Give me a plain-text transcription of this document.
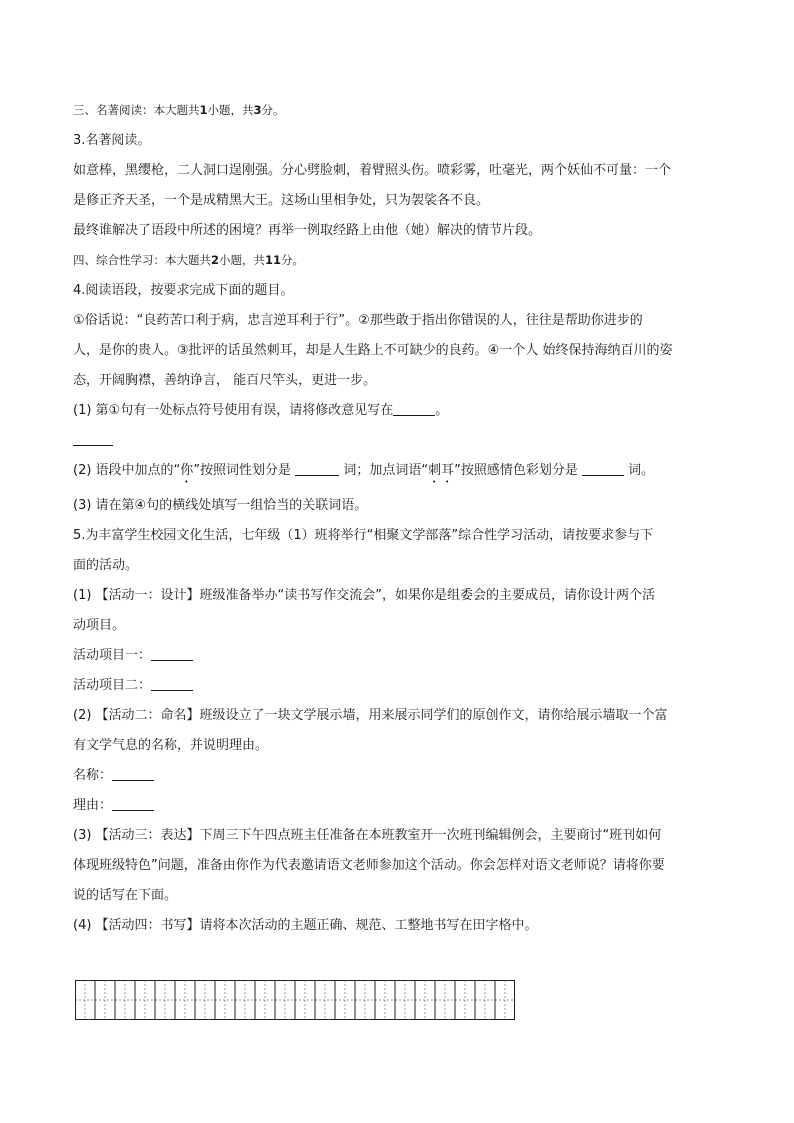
三、名著阅读：本大题共1小题，共3分。

3.名著阅读。

如意棒，黑缨枪，二人洞口逞刚强。分心劈脸刺，着臂照头伤。喷彩雾，吐毫光，两个妖仙不可量：一个

是修正齐天圣，一个是成精黑大王。这场山里相争处，只为袈裟各不良。

最终谁解决了语段中所述的困境？再举一例取经路上由他（她）解决的情节片段。

四、综合性学习：本大题共2小题，共11分。

4.阅读语段，按要求完成下面的题目。

①俗话说：“良药苦口利于病，忠言逆耳利于行”。②那些敢于指出你错误的人，往往是帮助你进步的

人，是你的贵人。③批评的话虽然刺耳，却是人生路上不可缺少的良药。④一个人 始终保持海纳百川的姿

态，开阔胸襟，善纳诤言， 能百尺竿头，更进一步。

(1) 第①句有一处标点符号使用有误，请将修改意见写在	。

(2) 语段中加点的“你”按照词性划分是	词；加点词语“刺耳”按照感情色彩划分是	词。

(3) 请在第④句的横线处填写一组恰当的关联词语。

5.为丰富学生校园文化生活，七年级（1）班将举行“相聚文学部落”综合性学习活动，请按要求参与下

面的活动。

(1) 【活动一：设计】班级准备举办“读书写作交流会”，如果你是组委会的主要成员，请你设计两个活

动项目。

活动项目一：

活动项目二：

(2) 【活动二：命名】班级设立了一块文学展示墙，用来展示同学们的原创作文，请你给展示墙取一个富

有文学气息的名称，并说明理由。

名称：

理由：

(3) 【活动三：表达】下周三下午四点班主任准备在本班教室开一次班刊编辑例会，主要商讨“班刊如何

体现班级特色”问题，准备由你作为代表邀请语文老师参加这个活动。你会怎样对语文老师说？请将你要

说的话写在下面。

(4) 【活动四：书写】请将本次活动的主题正确、规范、工整地书写在田字格中。
